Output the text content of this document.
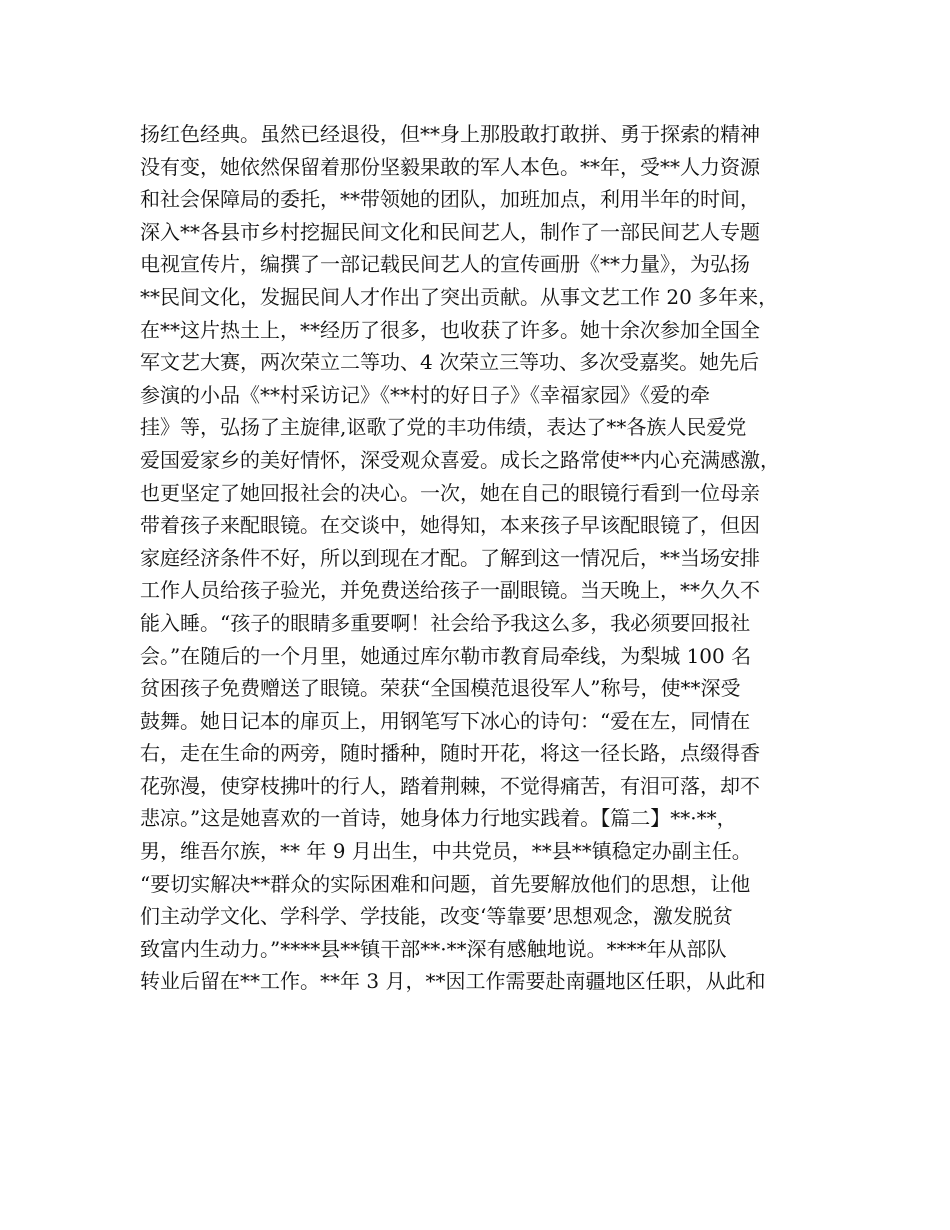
扬红色经典。虽然已经退役，但**身上那股敢打敢拼、勇于探索的精神
没有变，她依然保留着那份坚毅果敢的军人本色。**年，受**人力资源
和社会保障局的委托，**带领她的团队，加班加点，利用半年的时间，
深入**各县市乡村挖掘民间文化和民间艺人，制作了一部民间艺人专题
电视宣传片，编撰了一部记载民间艺人的宣传画册《**力量》，为弘扬
**民间文化，发掘民间人才作出了突出贡献。从事文艺工作 20 多年来，
在**这片热土上，**经历了很多，也收获了许多。她十余次参加全国全
军文艺大赛，两次荣立二等功、4 次荣立三等功、多次受嘉奖。她先后
参演的小品《**村采访记》《**村的好日子》《幸福家园》《爱的牵
挂》等，弘扬了主旋律,讴歌了党的丰功伟绩，表达了**各族人民爱党
爱国爱家乡的美好情怀，深受观众喜爱。成长之路常使**内心充满感激，
也更坚定了她回报社会的决心。一次，她在自己的眼镜行看到一位母亲
带着孩子来配眼镜。在交谈中，她得知，本来孩子早该配眼镜了，但因
家庭经济条件不好，所以到现在才配。了解到这一情况后，**当场安排
工作人员给孩子验光，并免费送给孩子一副眼镜。当天晚上，**久久不
能入睡。“孩子的眼睛多重要啊！社会给予我这么多，我必须要回报社
会。”在随后的一个月里，她通过库尔勒市教育局牵线，为梨城 100 名
贫困孩子免费赠送了眼镜。荣获“全国模范退役军人”称号，使**深受
鼓舞。她日记本的扉页上，用钢笔写下冰心的诗句：“爱在左，同情在
右，走在生命的两旁，随时播种，随时开花，将这一径长路，点缀得香
花弥漫，使穿枝拂叶的行人，踏着荆棘，不觉得痛苦，有泪可落，却不
悲凉。”这是她喜欢的一首诗，她身体力行地实践着。【篇二】**·**，
男，维吾尔族，** 年 9 月出生，中共党员，**县**镇稳定办副主任。
“要切实解决**群众的实际困难和问题，首先要解放他们的思想，让他
们主动学文化、学科学、学技能，改变‘等靠要’思想观念，激发脱贫
致富内生动力。”****县**镇干部**·**深有感触地说。****年从部队
转业后留在**工作。**年 3 月，**因工作需要赴南疆地区任职，从此和
